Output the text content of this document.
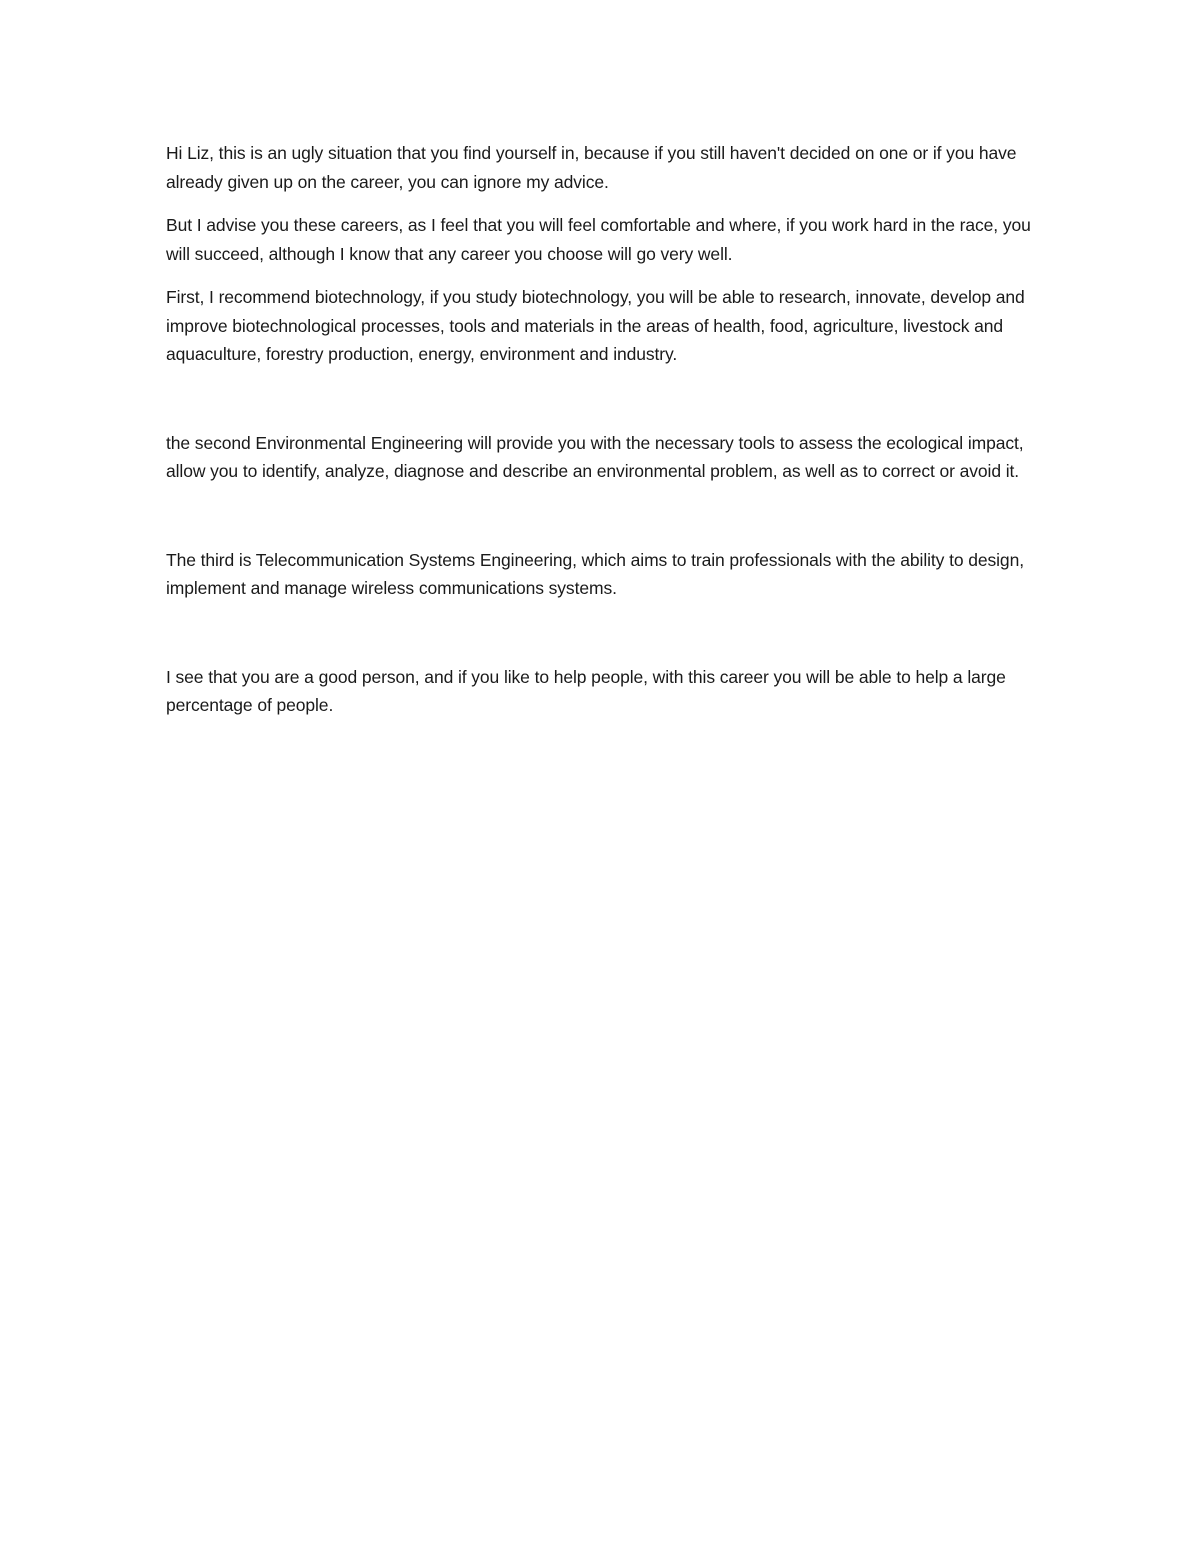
Hi Liz, this is an ugly situation that you find yourself in, because if you still haven't decided on one or if you have already given up on the career, you can ignore my advice.

But I advise you these careers, as I feel that you will feel comfortable and where, if you work hard in the race, you will succeed, although I know that any career you choose will go very well.

First, I recommend biotechnology, if you study biotechnology, you will be able to research, innovate, develop and improve biotechnological processes, tools and materials in the areas of health, food, agriculture, livestock and aquaculture, forestry production, energy, environment and industry.

the second Environmental Engineering will provide you with the necessary tools to assess the ecological impact, allow you to identify, analyze, diagnose and describe an environmental problem, as well as to correct or avoid it.

The third is Telecommunication Systems Engineering, which aims to train professionals with the ability to design, implement and manage wireless communications systems.

I see that you are a good person, and if you like to help people, with this career you will be able to help a large percentage of people.
